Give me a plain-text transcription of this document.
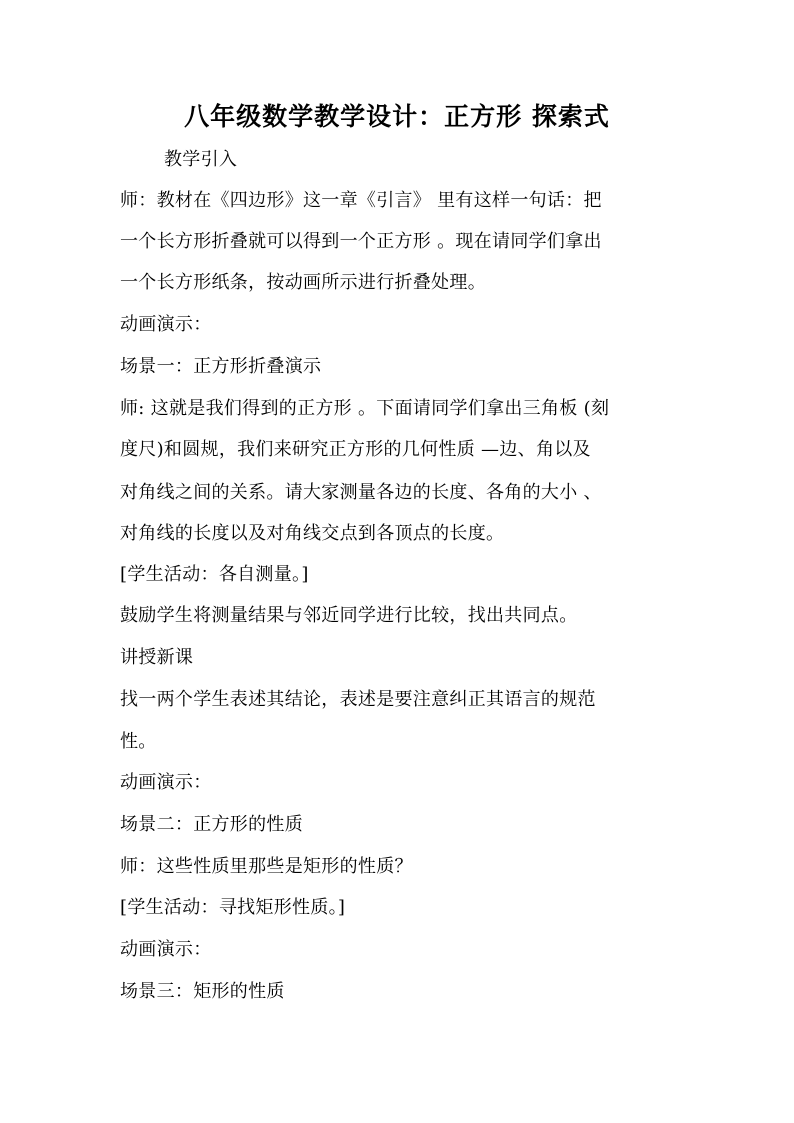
八年级数学教学设计：正方形 探索式
教学引入
师：教材在《四边形》这一章《引言》 里有这样一句话：把
一个长方形折叠就可以得到一个正方形 。现在请同学们拿出
一个长方形纸条，按动画所示进行折叠处理。
动画演示：
场景一：正方形折叠演示
师: 这就是我们得到的正方形 。下面请同学们拿出三角板 (刻
度尺)和圆规，我们来研究正方形的几何性质 —边、角以及
对角线之间的关系。请大家测量各边的长度、各角的大小 、
对角线的长度以及对角线交点到各顶点的长度。
[学生活动：各自测量。]
鼓励学生将测量结果与邻近同学进行比较，找出共同点。
讲授新课
找一两个学生表述其结论，表述是要注意纠正其语言的规范
性。
动画演示：
场景二：正方形的性质
师：这些性质里那些是矩形的性质？
[学生活动：寻找矩形性质。]
动画演示：
场景三：矩形的性质
